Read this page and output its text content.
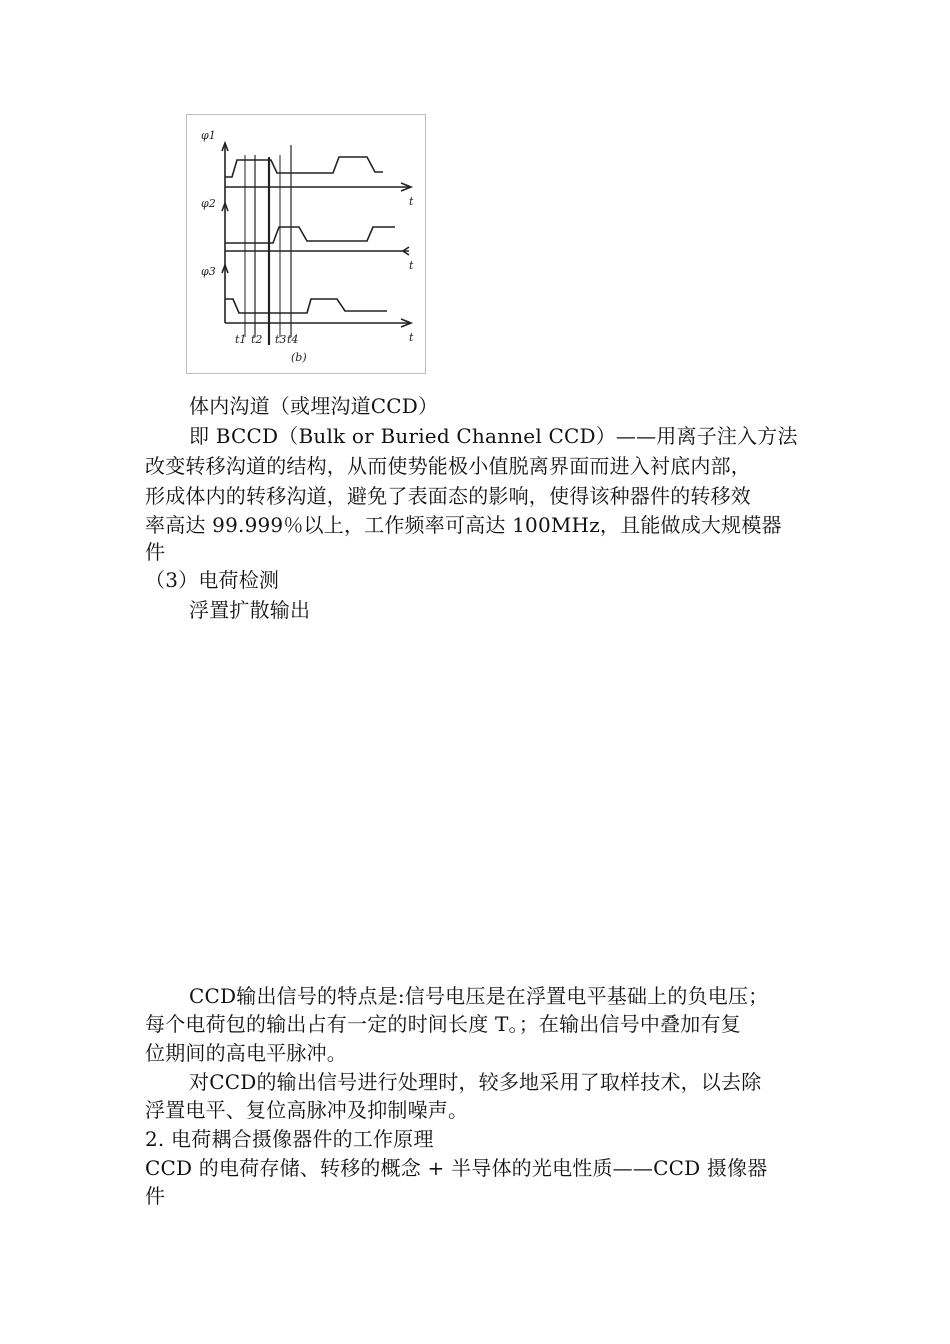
φ1
φ2
φ3
t
t
t
t1 t2 t3 t4
(b)
体内沟道（或埋沟道CCD）
即 BCCD（Bulk or Buried Channel CCD）——用离子注入方法
改变转移沟道的结构，从而使势能极小值脱离界面而进入衬底内部，
形成体内的转移沟道，避免了表面态的影响，使得该种器件的转移效
率高达 99.999％以上，工作频率可高达 100MHz，且能做成大规模器
件
（3）电荷检测
浮置扩散输出
CCD输出信号的特点是:信号电压是在浮置电平基础上的负电压；
每个电荷包的输出占有一定的时间长度 T。；在输出信号中叠加有复
位期间的高电平脉冲。
对CCD的输出信号进行处理时，较多地采用了取样技术，以去除
浮置电平、复位高脉冲及抑制噪声。
2. 电荷耦合摄像器件的工作原理
CCD 的电荷存储、转移的概念 + 半导体的光电性质——CCD 摄像器
件
